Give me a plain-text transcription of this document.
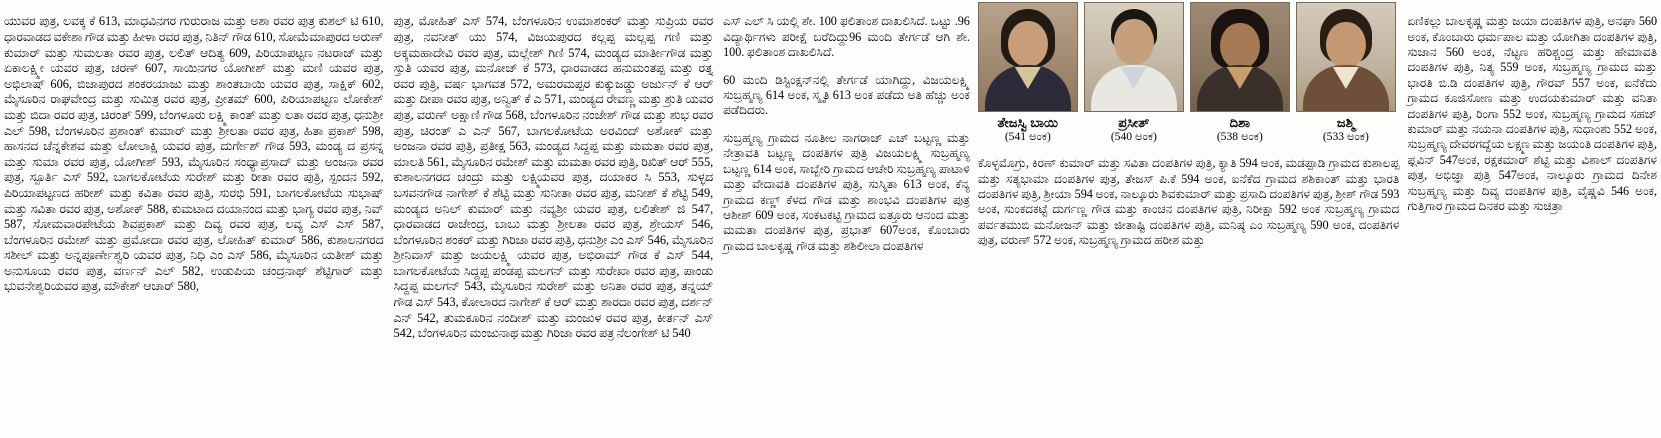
ಯುವರ ಪುತ್ರ, ಲವ‍ಕ್ಕ ಕೆ 613, ಮಾಧವಿನಗರ ಗುರುರಾಜ ಮತ್ತು ಅಶಾ ರವರ ಪುತ್ರ ಕುಶಲ್ ಟಿ 610, ಧಾರವಾಡದ ವಕೇಶಾ ಗೌಡ ಮತ್ತು ಹೀಳಾ ರವರ ಪುತ್ರ, ನಿತಿನ್ ಗೌಡ 610, ಸೋಮೆಮಾಪುರದ ಅರುಣ್ ಕುಮಾರ್ ಮತ್ತು ಸುಮಲತಾ ರವರ ಪುತ್ರ, ಲಲಿತ್ ಆದಿತ್ಯ 609, ಪಿರಿಯಾಪಟ್ಟಣ ನಟರಾಜ್ ಮತ್ತು ಏಕಾಲಕ್ಷ್ಮೀ ಯವರ ಪುತ್ರ, ಚರಣ್ 607, ಸಾಯಿನಗರ ಯೋಗೀಶ್ ಮತ್ತು ಮಣಿ ಯವರ ಪುತ್ರ, ಅಭಿಲಾಷ್ 606, ಬಿಜಾಪುರದ ಶಂಕರಯಾಜು ಮತ್ತು ಶಾಂತಬಾಯಿ ಯವರ ಪುತ್ರ, ಸಾಕ್ಷಿ‍ಕ್ 602, ಮೈಸೂರಿನ ರಾಘವೇಂದ್ರ ಮತ್ತು ಸುಮಿತ್ರ ರವರ ಪುತ್ರ, ಪ್ರೀತಮ್ 600, ಪಿರಿಯಾಪಟ್ಟಣ ಲೋಕೇಶ್ ಮತ್ತು ಬಿದಾ ರವರ ಪುತ್ರ, ಚಿರಂತ್ 599, ಬೆಂಗಳೂರು ಲಕ್ಷ್ಮಿ ಕಾಂತ್ ಮತ್ತು ಲತಾ ರವರ ಪುತ್ರ, ಧನುಶ್ರೀ ಎಲ್ 598, ಬೆಂಗಳೂರಿನ ಪ್ರಶಾಂತ್ ಕುಮಾರ್ ಮತ್ತು ಶ್ರೀಲತಾ ರವರ ಪುತ್ರ, ಹಿತಾ ಪ್ರಕಾಶ್ 598, ಹಾಸನದ ಚೆನ್ನಕೇಶವ ಮತ್ತು ಲೋಲಾಕ್ಷಿ ಯವರ ಪುತ್ರ, ದುರ್ಗೇಶ್ ಗೌಡ 593, ಮಂಡ್ಯ ದ ಪ್ರಸನ್ನ ಮತ್ತು ಸುಮಾ ರವರ ಪುತ್ರ, ಯೋಗೀಶ್ 593, ಮೈಸೂರಿನ ಸಂಧ್ಯಾಪ್ರಸಾದ್ ಮತ್ತು ಅಂಜನಾ ರವರ ಪುತ್ರ, ಸ್ಪೂರ್ತಿ ಎಸ್ 592, ಬಾಗಲಕೋಟೆಯ ಸುರೇಶ್ ಮತ್ತು ರೀತಾ ರವರ ಪುತ್ರಿ, ಸ್ಪಂದನ 592, ಪಿರಿಯಾಪಟ್ಟಣದ ಹರೀಶ್ ಮತ್ತು ಕವಿತಾ ರವರ ಪುತ್ರಿ, ಸುರಭಿ 591, ಬಾಗಲಕೋಟೆಯ ಸುಭಾಷ್ ಮತ್ತು ಸವಿತಾ ರವರ ಪುತ್ರ, ಅಶೋಕ್ 588, ಕುಮಟಾದ ದಯಾನಂದ ಮತ್ತು ಭಾಗ್ಯ ರವರ ಪುತ್ರ, ನಿವ್ 587, ಸೋಮವಾರಪೇಟೆಯ ಶಿವಪ್ರಕಾಶ್ ಮತ್ತು ದಿವ್ಯ ರವರ ಪುತ್ರ, ಲವ್ಯ ಎಸ್ ಎಸ್ 587, ಬೆಂಗಳೂರಿನ ರಮೇಶ್ ಮತ್ತು ಪ್ರಮೋದಾ ರವರ ಪುತ್ರ, ಲೋಹಿತ್ ಕುಮಾರ್ 586, ಕುಶಾಲನಗರದ ಸಶೀಲ್ ಮತ್ತು ಅನ್ನಪೂರ್ಣೇಶ್ವರಿ ಯವರ ಪುತ್ರ, ನಿಧಿ ಎಂ ಎಸ್ 586, ಮೈಸೂರಿನ ಯತೀಶ್ ಮತ್ತು ಅನುಸೂಯ ರವರ ಪುತ್ರ, ವರ್ಣನ್ ಎಲ್ 582, ಉಡುಪಿಯ ಚಂದ್ರನಾಥ್ ಶೆಟ್ಟಿಗಾರ್ ಮತ್ತು ಭುವನೇಶ್ವರಿಯವರ ಪುತ್ರ, ಮೌಕೇಶ್ ಆಚಾರ್ 580,

ಪುತ್ರ, ಮೋಹಿತ್ ಎಸ್ 574, ಬೆಂಗಳೂರಿನ ಉಮಾಶಂಕರ್ ಮತ್ತು ಸುಪ್ರಿಯ ರವರ ಪುತ್ರ, ನವನೀತ್ ಯು 574, ವಿಜಯಪುರದ ಕಲ್ಲಪ್ಪ ಮಲ್ಲಪ್ಪ ಗಣಿ ಮತ್ತು ಅಕ್ಕಮಹಾದೇವಿ ರವರ ಪುತ್ರ, ಮಲ್ಲೇಶ್ ಗಿಣಿ 574, ಮಂಡ್ಯದ ಮಾರ್ತೀಗೌಡ ಮತ್ತು ಸ್ತುತಿ ಯವರ ಪುತ್ರ, ಮನೋಜ್ ಕೆ 573, ಧಾರವಾಡದ ಹನುಮಂತಪ್ಪ ಮತ್ತು ರತ್ನ ರವರ ಪುತ್ರಿ, ವರ್ಷ ಭಾಗವತ 572, ಅಮರಮಪ್ಪರ ಕುಕ್ಕುಜಡ್ಡು ಅರ್ಜುನ್ ಕೆ ಆರ್ ಮತ್ತು ದೀಪಾ ರವರ ಪುತ್ರ, ಅನ್ವಿತ್ ಕೆ ಎ 571, ಮಂಡ್ಯದ ರೇವಣ್ಣ ಮತ್ತು ಶ್ರುತಿ ಯವರ ಪುತ್ರ, ವರುಣ್ ಅಕ್ಷಾಣಿ ಗೌಡ 568, ಬೆಂಗಳೂರಿನ ನಂಜೇಶ್ ಗೌಡ ಮತ್ತು ಶುಭ ರವರ ಪುತ್ರ, ಚಿರಂತ್ ಎ ಎನ್ 567, ಬಾಗಲಕೋಟೆಯ ಅರವಿಂದ್ ಅಶೋಕ್ ಮತ್ತು ಅಂಜನಾ ರವರ ಪುತ್ರಿ, ಪ್ರತೀಕ್ಷ 563, ಮಂಡ್ಯದ ಸಿದ್ದಪ್ಪ ಮತ್ತು ಮಮತಾ ರವರ ಪುತ್ರ, ಮಾಲತಿ 561, ಮೈಸೂರಿನ ರಮೇಶ್ ಮತ್ತು ಮಮತಾ ರವರ ಪುತ್ರಿ, ರಿಖಿತ್ ಆರ್ 555, ಕುಶಾಲನಗರದ ಚಂದ್ರು ಮತ್ತು ಲಕ್ಷ್ಮಿಯವರ ಪುತ್ರ, ದಯಾಕರ ಸಿ 553, ಸುಳ್ಳದ ಬಸವನಗೌಡ ನಾಗೇಶ್ ಕೆ ಶೆಟ್ಟಿ ಮತ್ತು ಸುನೀತಾ ರವರ ಪುತ್ರ, ಮನೀಶ್ ಕೆ ಶೆಟ್ಟಿ 549, ಮಂಡ್ಯದ ಅನಿಲ್ ಕುಮಾರ್ ಮತ್ತು ನವ್ಯಶ್ರೀ ಯವರ ಪುತ್ರ, ಲಲಿತೇಶ್ ಜಿ 547, ಧಾರವಾಡದ ರಾಜೇಂದ್ರ, ಬಾಬು ಮತ್ತು ಶ್ರೀಲತಾ ರವರ ಪುತ್ರ, ಶ್ರೇಯಸ್ 546, ಬೆಂಗಳೂರಿನ ಶಂಕರ್ ಮತ್ತು ಗಿರಿಜಾ ರವರ ಪುತ್ರಿ, ಧನುಶ್ರೀ ಎಂ ಎಸ್ 546, ಮೈಸೂರಿನ ಶ್ರೀನಿವಾಸ್ ಮತ್ತು ಜಯಲಕ್ಷ್ಮಿ ಯವರ ಪುತ್ರ, ಅಭಿರಾಮ್ ಗೌಡ ಕೆ ಎಸ್ 544, ಬಾಗಲಕೋಟೆಯ ಸಿದ್ದಪ್ಪ ಪಂಡಪ್ಪ ಮಲಗನ್ ಮತ್ತು ಸುರೇಖಾ ರವರ ಪುತ್ರ, ಪಾಂಡು ಸಿದ್ದಪ್ಪ ಮಲಗನ್ 543, ಮೈಸೂರಿನ ಸುರೇಶ್ ಮತ್ತು ಅನಿತಾ ರವರ ಪುತ್ರ, ತನ್ನಯ್ ಗೌಡ ಎಸ್ 543, ಕೋಲಾರದ ನಾಗೇಶ್ ಕೆ ಆರ್ ಮತ್ತು ಶಾರದಾ ರವರ ಪುತ್ರ, ದರ್ಶನ್ ಎನ್ 542, ತುಮಕೂರಿನ ನಂದೀಶ್ ಮತ್ತು ಮಂಜುಳ ರವರ ಪುತ್ರ, ಕೀರ್ತನ್ ಎಸ್ 542, ಬೆಂಗಳೂರಿನ ಮಂಜುನಾಥ ಮತ್ತು ಗಿರಿಜಾ ರವರ ಪತ್ರ ನೆಲಂಗೇಶ್ ಟಿ 540

ಎಸ್ ಎಲ್ ಸಿ ಯಲ್ಲಿ ಶೇ. 100 ಫಲಿತಾಂಶ ದಾಖಲಿಸಿದೆ. ಒಟ್ಟು .96 ವಿದ್ಯಾರ್ಥಿಗಳು ಪರೀಕ್ಷೆ ಬರೆದಿದ್ದು96 ಮಂದಿ ತೇರ್ಗಡೆ ಆಗಿ ಶೇ. 100. ಫಲಿತಾಂಶ ದಾಖಲಿಸಿದೆ.

60 ಮಂದಿ ಡಿಸ್ಟಿಂಕ್ಷನ್‌ನಲ್ಲಿ ತೇರ್ಗಡೆ ಯಾಗಿದ್ದು, ವಿಜಯಲಕ್ಷ್ಮಿ ಸುಬ್ರಹ್ಮಣ್ಯ 614 ಅಂಕ, ಸ್ಮೃತಿ 613 ಅಂಕ ಪಡೆದು ಅತಿ ಹೆಚ್ಚು ಅಂಕ ಪಡೆದಿದರು.

ಸುಬ್ರಹ್ಮಣ್ಯ ಗ್ರಾಮದ ನೂತೀಲ ನಾಗರಾಜ್ ಎಚ್ ಬಟ್ಟಣ್ಣ ಮತ್ತು ನೇತ್ರಾವತಿ ಬಟ್ಟಣ್ಣ ದಂಪತಿಗಳ ಪುತ್ರಿ ವಿಜಯಲಕ್ಷ್ಮಿ ಸುಬ್ರಹ್ಮಣ್ಯ ಬಟ್ಟಣ್ಣ 614 ಅಂಕ, ಸಾಬ್ಬೇರಿ ಗ್ರಾಮದ ಆಚೇರಿ ಸುಬ್ರಹ್ಮಣ್ಯ ಪಾಟಾಳಿ ಮತ್ತು ವೇದಾವತಿ ದಂಪತಿಗಳ ಪುತ್ರಿ, ಸುಸ್ಮಿತಾ 613 ಅಂಕ, ಕೆನ್ಯ ಗ್ರಾಮದ ಕಣ್ಣ್ ಕೆಳದ ಗೌಡ ಮತ್ತು ಶಾಂಭವಿ ದಂಪತಿಗಳ ಪುತ್ರ ಆಶೀಶ್ 609 ಅಂಕ, ಸಂಕಟಕಟ್ಟಿ ಗ್ರಾಮದ ಐತ್ತೂರು ಆನಂದ ಮತ್ತು ಮಮತಾ ದಂಪತಿಗಳ ಪುತ್ರ, ಪ್ರಭಾತ್ 607ಅಂಕ, ಕೊಂಬಾರು ಗ್ರಾಮದ ಬಾಲಕೃಷ್ಣ ಗೌಡ ಮತ್ತು ಶಶಿಲೀಲಾ ದಂಪತಿಗಳ

ತೇಜಸ್ವಿ ಬಾಯಿ
(541 ಅಂಕ)
ಪ್ರಸೀತ್
(540 ಅಂಕ)
ದಿಶಾ
(538 ಅಂಕ)
ಜಶ್ಮಿ
(533 ಅಂಕ)

ಕೊಳ್ಳಮೊಗ್ರು, ಕಿರಣ್ ಕುಮಾರ್ ಮತ್ತು ಸವಿತಾ ದಂಪತಿಗಳ ಪುತ್ರಿ, ಕ್ಯಾತಿ 594 ಅಂಕ, ಮಡಪ್ಪಾಡಿ ಗ್ರಾಮದ ಕುಶಾಲಪ್ಪ ಮತ್ತು ಸತ್ಯಭಾಮಾ ದಂಪತಿಗಳ ಪುತ್ರ, ತೇಜಸ್ ಪಿ.ಕೆ 594 ಅಂಕ, ಐನೆಕೆದ ಗ್ರಾಮದ ಶಶಿಕಾಂತ್ ಮತ್ತು ಭಾರತಿ ದಂಪತಿಗಳ ಪುತ್ರಿ, ಶ್ರೀಯಾ 594 ಅಂಕ, ನಾಲ್ಕೂರು ಶಿವಕುಮಾರ್ ಮತ್ತು ಪ್ರಸಾದಿ ದಂಪತಿಗಳ ಪುತ್ರ, ಶ್ರೀಶ್ ಗೌಡ 593 ಅಂಕ, ಸುಂಕದಕಟ್ಟೆ ದುರ್ಗಣ್ಣ ಗೌಡ ಮತ್ತು ಕಾಂಚನ ದಂಪತಿಗಳ ಪುತ್ರಿ, ನಿರೀಕ್ಷಾ 592 ಅಂಕ ಸುಬ್ರಹ್ಮಣ್ಯ ಗ್ರಾಮದ ಪರ್ವತಮುಬಿ ಮನೋಜನ್ ಮತ್ತು ಜೀತಾಷ್ಟಿ ದಂಪತಿಗಳ ಪುತ್ರಿ, ಮನಿಷ್ಠ ಎಂ ಸುಬ್ರಹ್ಮಣ್ಯ 590 ಅಂಕ, ದಂಪತಿಗಳ ಪುತ್ರ, ವರುಣ್ 572 ಅಂಕ, ಸುಬ್ರಹ್ಮಣ್ಯ ಗ್ರಾಮದ ಹರೀಶ ಮತ್ತು

ಏಣಿಕಲ್ಲು ಬಾಲಕೃಷ್ಣ ಮತ್ತು ಜಯಾ ದಂಪತಿಗಳ ಪುತ್ರಿ, ಅನಘಾ 560 ಅಂಕ, ಕೊಂಬಾರು ಧರ್ಮಪಾಲ ಮತ್ತು ಯೋಗಿತಾ ದಂಪತಿಗಳ ಪುತ್ರಿ, ಸುಜಾನ 560 ಅಂಕ, ನೆಟ್ಟಣ ಹರಿಶ್ಚಂದ್ರ ಮತ್ತು ಹೇಮಾವತಿ ದಂಪತಿಗಳ ಪುತ್ರಿ, ನಿತ್ಯ 559 ಅಂಕ, ಸುಬ್ರಹ್ಮಣ್ಯ ಗ್ರಾಮದ ಮತ್ತು ಭಾರತಿ ಬಿ.ಡಿ ದಂಪತಿಗಳ ಪುತ್ರಿ, ಗೌರವ್ 557 ಅಂಕ, ಐನೆಕೆದು ಗ್ರಾಮದ ಕೂಜಿಸೋಣ ಮತ್ತು ಉದಯಕುಮಾರ್ ಮತ್ತು ವನಿತಾ ದಂಪತಿಗಳ ಪುತ್ರಿ, ರಿಂಗಾ 552 ಅಂಕ, ಸುಬ್ರಹ್ಮಣ್ಯ ಗ್ರಾಮದ ಸಹಜ್ ಕುಮಾರ್ ಮತ್ತು ನಯನಾ ದಂಪತಿಗಳ ಪುತ್ರಿ, ಸುಧಾಂಶು 552 ಅಂಕ, ಸುಬ್ರಹ್ಮಣ್ಯ ದೇವರಗದ್ದೆಯ ಲಕ್ಷ್ಮಣ ಮತ್ತು ಜಯಂತಿ ದಂಪತಿಗಳ ಪುತ್ರಿ, ಫ್ಲವಿನ್ 547ಅಂಕ, ರಕ್ಷಕಮಾರ್ ಶೆಟ್ಟಿ ಮತ್ತು ವಿಶಾಲ್ ದಂಪತಿಗಳ ಪುತ್ರ, ಅಭಿಜ್ಞಾ ಪುತ್ರಿ 547ಅಂಕ, ನಾಲ್ಕೂರು ಗ್ರಾಮದ ದಿನೇಶ ಸುಬ್ರಹ್ಮಣ್ಯ ಮತ್ತು ದಿವ್ಯ ದಂಪತಿಗಳ ಪುತ್ರಿ, ವೈಷ್ಣವಿ 546 ಅಂಕ, ಗುತ್ತಿಗಾರ ಗ್ರಾಮದ ದಿನಕರ ಮತ್ತು ಸುಚಿತ್ರಾ
